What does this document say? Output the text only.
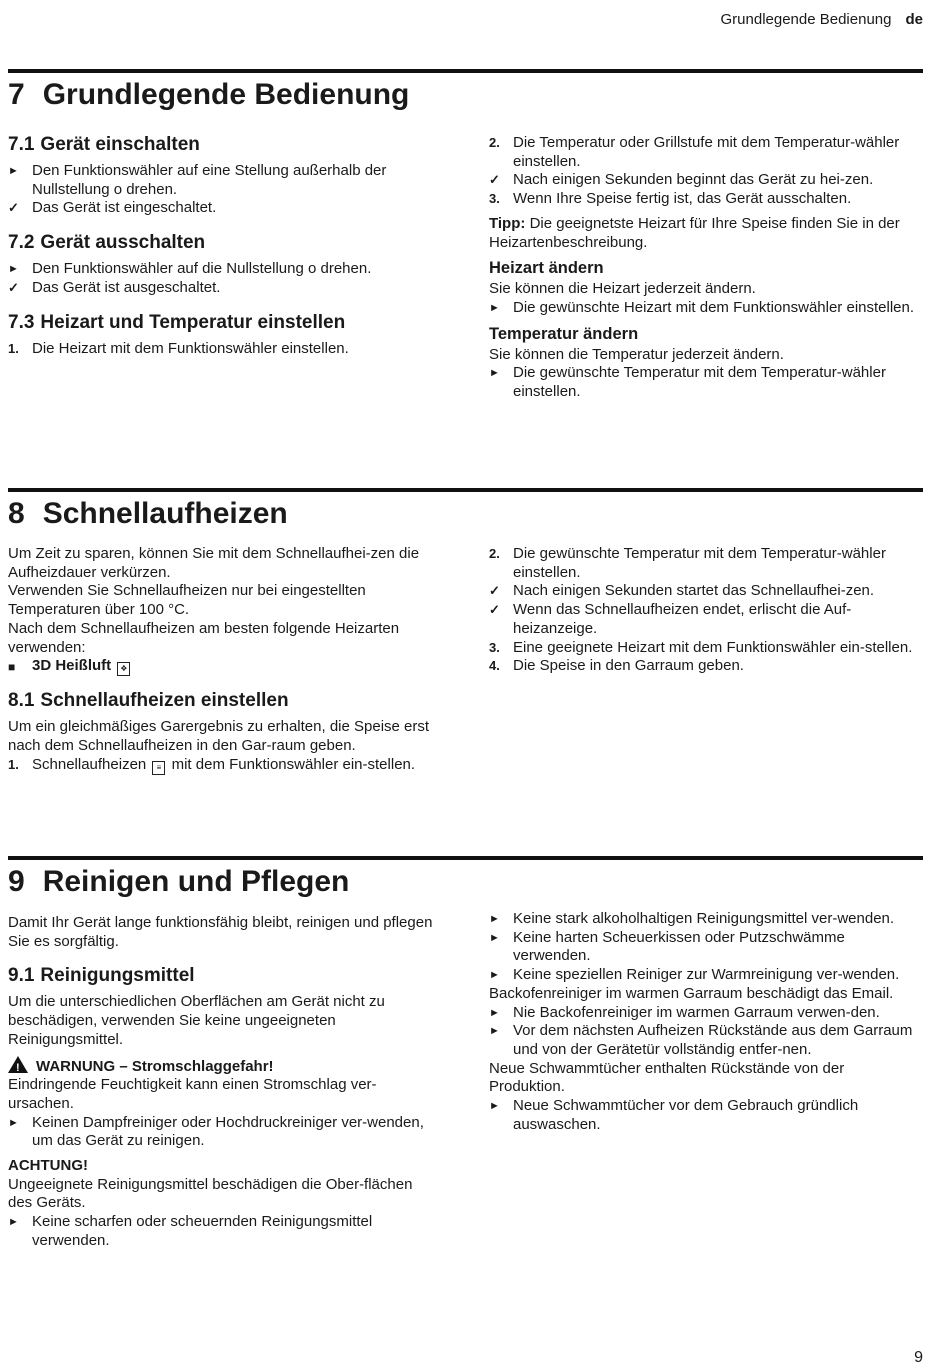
Grundlegende Bedienung de
7 Grundlegende Bedienung
7.1 Gerät einschalten
► Den Funktionswähler auf eine Stellung außerhalb der Nullstellung o drehen.
✓ Das Gerät ist eingeschaltet.
7.2 Gerät ausschalten
► Den Funktionswähler auf die Nullstellung o drehen.
✓ Das Gerät ist ausgeschaltet.
7.3 Heizart und Temperatur einstellen
1. Die Heizart mit dem Funktionswähler einstellen.
2. Die Temperatur oder Grillstufe mit dem Temperatur-wähler einstellen.
✓ Nach einigen Sekunden beginnt das Gerät zu hei-zen.
3. Wenn Ihre Speise fertig ist, das Gerät ausschalten.

Tipp: Die geeignetste Heizart für Ihre Speise finden Sie in der Heizartenbeschreibung.

Heizart ändern

Sie können die Heizart jederzeit ändern.

► Die gewünschte Heizart mit dem Funktionswähler einstellen.
Temperatur ändern

Sie können die Temperatur jederzeit ändern.

► Die gewünschte Temperatur mit dem Temperatur-wähler einstellen.
8 Schnellaufheizen

Um Zeit zu sparen, können Sie mit dem Schnellaufhei-zen die Aufheizdauer verkürzen.

Verwenden Sie Schnellaufheizen nur bei eingestellten Temperaturen über 100 °C.

Nach dem Schnellaufheizen am besten folgende Heizarten verwenden:

■	3D Heißluft ❖
8.1 Schnellaufheizen einstellen

Um ein gleichmäßiges Garergebnis zu erhalten, die Speise erst nach dem Schnellaufheizen in den Gar-raum geben.

1. Schnellaufheizen ≡ mit dem Funktionswähler ein-stellen.
2. Die gewünschte Temperatur mit dem Temperatur-wähler einstellen.
✓ Nach einigen Sekunden startet das Schnellaufhei-zen.
✓ Wenn das Schnellaufheizen endet, erlischt die Auf-heizanzeige.
3. Eine geeignete Heizart mit dem Funktionswähler ein-stellen.
4. Die Speise in den Garraum geben.
9 Reinigen und Pflegen

Damit Ihr Gerät lange funktionsfähig bleibt, reinigen und pflegen Sie es sorgfältig.

9.1 Reinigungsmittel

Um die unterschiedlichen Oberflächen am Gerät nicht zu beschädigen, verwenden Sie keine ungeeigneten Reinigungsmittel.

!WARNUNG – Stromschlaggefahr!

Eindringende Feuchtigkeit kann einen Stromschlag ver-ursachen.

► Keinen Dampfreiniger oder Hochdruckreiniger ver-wenden, um das Gerät zu reinigen.

ACHTUNG!

Ungeeignete Reinigungsmittel beschädigen die Ober-flächen des Geräts.

► Keine scharfen oder scheuernden Reinigungsmittel verwenden.
► Keine stark alkoholhaltigen Reinigungsmittel ver-wenden.
► Keine harten Scheuerkissen oder Putzschwämme verwenden.
► Keine speziellen Reiniger zur Warmreinigung ver-wenden.

Backofenreiniger im warmen Garraum beschädigt das Email.

► Nie Backofenreiniger im warmen Garraum verwen-den.
► Vor dem nächsten Aufheizen Rückstände aus dem Garraum und von der Gerätetür vollständig entfer-nen.

Neue Schwammtücher enthalten Rückstände von der Produktion.

► Neue Schwammtücher vor dem Gebrauch gründlich auswaschen.
9
